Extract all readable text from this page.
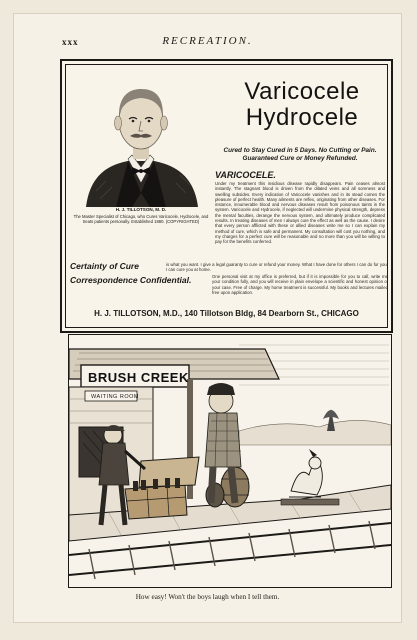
xxx	RECREATION.
H. J. TILLOTSON, M. D.
The Master Specialist of Chicago, who Cures Varicocele, Hydrocele, and treats patients personally. Established 1880. (COPYRIGHTED)
Varicocele
Hydrocele
Cured to Stay Cured in 5 Days. No Cutting or Pain. Guaranteed Cure or Money Refunded.
VARICOCELE.
Under my treatment this insidious disease rapidly disappears. Pain ceases almost instantly. The stagnant blood is driven from the dilated veins and all soreness and swelling subsides. Every indication of Varicocele vanishes and in its stead comes the pleasure of perfect health. Many ailments are reflex, originating from other diseases. For instance, innumerable blood and nervous diseases result from poisonous taints in the system. Varicocele and Hydrocele, if neglected will undermine physical strength, depress the mental faculties, derange the nervous system, and ultimately produce complicated results. In treating diseases of men I always cure the effect as well as the cause. I desire that every person afflicted with these or allied diseases write me so I can explain my method of cure, which is safe and permanent. My consultation will cost you nothing, and my charges for a perfect cure will be reasonable and no more than you will be willing to pay for the benefits conferred.
Certainty of Cure	is what you want. I give a legal guaranty to cure or refund your money. What I have done for others I can do for you. I can cure you at home.
Correspondence Confidential.	One personal visit at my office is preferred, but if it is impossible for you to call, write me your condition fully, and you will receive in plain envelope a scientific and honest opinion of your case. Free of charge. My home treatment is successful. My books and lectures mailed free upon application.
H. J. TILLOTSON, M.D., 140 Tillotson Bldg, 84 Dearborn St., CHICAGO
BRUSH CREEK
WAITING ROOM
How easy! Won't the boys laugh when I tell them.
